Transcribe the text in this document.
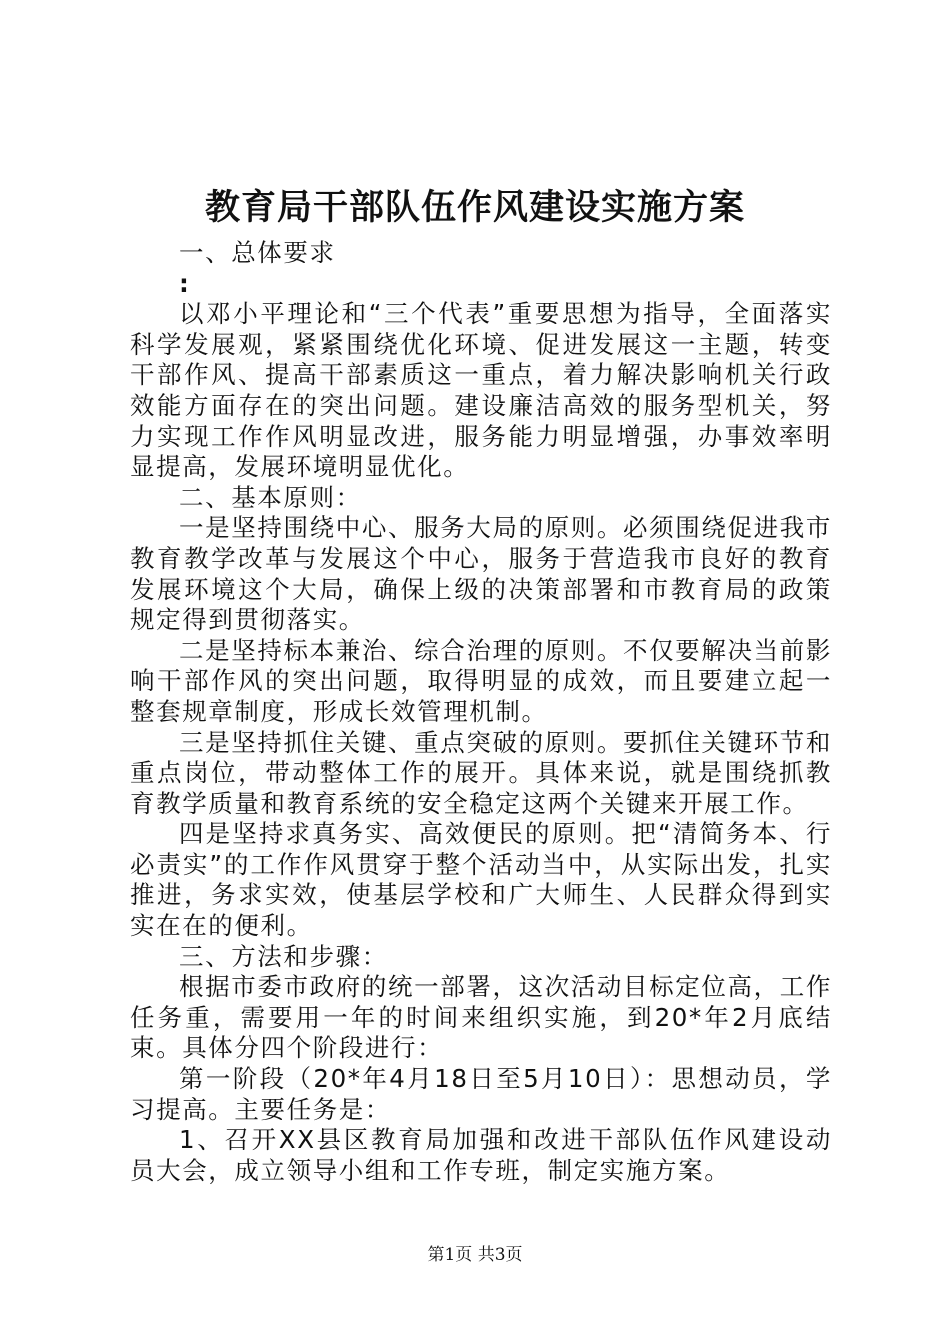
教育局干部队伍作风建设实施方案

一、总体要求

:

以邓小平理论和“三个代表”重要思想为指导，全面落实科学发展观，紧紧围绕优化环境、促进发展这一主题，转变干部作风、提高干部素质这一重点，着力解决影响机关行政效能方面存在的突出问题。建设廉洁高效的服务型机关，努力实现工作作风明显改进，服务能力明显增强，办事效率明显提高，发展环境明显优化。

二、基本原则：

一是坚持围绕中心、服务大局的原则。必须围绕促进我市教育教学改革与发展这个中心，服务于营造我市良好的教育发展环境这个大局，确保上级的决策部署和市教育局的政策规定得到贯彻落实。

二是坚持标本兼治、综合治理的原则。不仅要解决当前影响干部作风的突出问题，取得明显的成效，而且要建立起一整套规章制度，形成长效管理机制。

三是坚持抓住关键、重点突破的原则。要抓住关键环节和重点岗位，带动整体工作的展开。具体来说，就是围绕抓教育教学质量和教育系统的安全稳定这两个关键来开展工作。

四是坚持求真务实、高效便民的原则。把“清简务本、行必责实”的工作作风贯穿于整个活动当中，从实际出发，扎实推进，务求实效，使基层学校和广大师生、人民群众得到实实在在的便利。

三、方法和步骤：

根据市委市政府的统一部署，这次活动目标定位高，工作任务重，需要用一年的时间来组织实施，到20*年2月底结束。具体分四个阶段进行：

第一阶段（20*年4月18日至5月10日）：思想动员，学习提高。主要任务是：

1、召开XX县区教育局加强和改进干部队伍作风建设动员大会，成立领导小组和工作专班，制定实施方案。

第1页 共3页
